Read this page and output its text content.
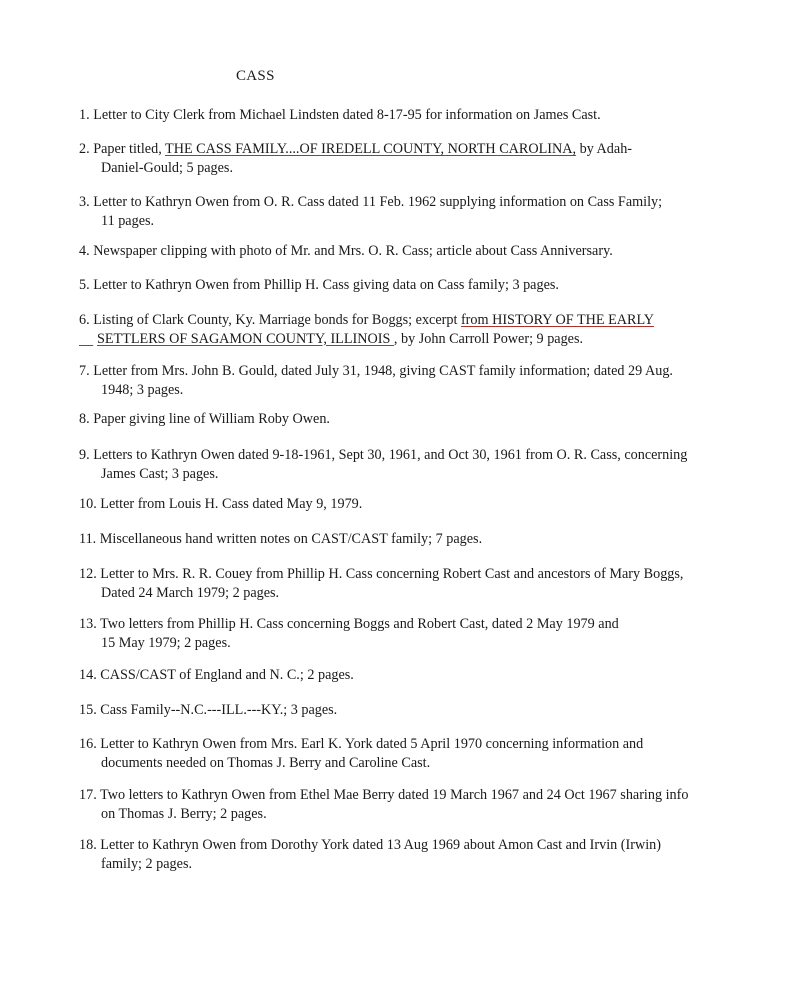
CASS
1. Letter to City Clerk from Michael Lindsten dated 8-17-95 for information on James Cast.
2. Paper titled, THE CASS FAMILY....OF IREDELL COUNTY, NORTH CAROLINA, by Adah-
Daniel-Gould; 5 pages.
3. Letter to Kathryn Owen from O. R. Cass dated 11 Feb. 1962 supplying information on Cass Family;
11 pages.
4. Newspaper clipping with photo of Mr. and Mrs. O. R. Cass; article about Cass Anniversary.
5. Letter to Kathryn Owen from Phillip H. Cass giving data on Cass family; 3 pages.
6. Listing of Clark County, Ky. Marriage bonds for Boggs; excerpt from HISTORY OF THE EARLY
SETTLERS OF SAGAMON COUNTY, ILLINOIS , by John Carroll Power; 9 pages.
7. Letter from Mrs. John B. Gould, dated July 31, 1948, giving CAST family information; dated 29 Aug.
1948; 3 pages.
8. Paper giving line of William Roby Owen.
9. Letters to Kathryn Owen dated 9-18-1961, Sept 30, 1961, and Oct 30, 1961 from O. R. Cass, concerning
James Cast; 3 pages.
10. Letter from Louis H. Cass dated May 9, 1979.
11. Miscellaneous hand written notes on CAST/CAST family; 7 pages.
12. Letter to Mrs. R. R. Couey from Phillip H. Cass concerning Robert Cast and ancestors of Mary Boggs,
Dated 24 March 1979; 2 pages.
13. Two letters from Phillip H. Cass concerning Boggs and Robert Cast, dated 2 May 1979 and
15 May 1979; 2 pages.
14. CASS/CAST of England and N. C.; 2 pages.
15. Cass Family--N.C.---ILL.---KY.; 3 pages.
16. Letter to Kathryn Owen from Mrs. Earl K. York dated 5 April 1970 concerning information and
documents needed on Thomas J. Berry and Caroline Cast.
17. Two letters to Kathryn Owen from Ethel Mae Berry dated 19 March 1967 and 24 Oct 1967 sharing info
on Thomas J. Berry; 2 pages.
18. Letter to Kathryn Owen from Dorothy York dated 13 Aug 1969 about Amon Cast and Irvin (Irwin)
family; 2 pages.
